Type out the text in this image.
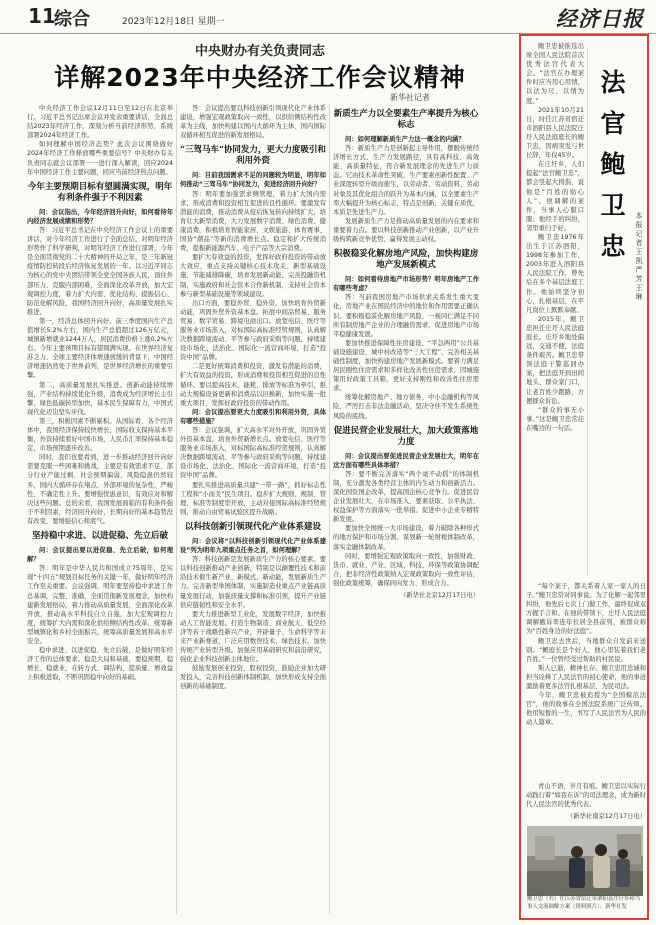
11
综合	2023年12月18日 星期一	经济日报
中央财办有关负责同志
详解2023年中央经济工作会议精神
新华社记者

中央经济工作会议12月11日至12日在北京举行。习近平总书记出席会议并发表重要讲话，全面总结2023年经济工作，深刻分析当前经济形势，系统部署2024年经济工作。

如何理解中国经济态势？此次会议围绕做好2024年经济工作释放哪些重要信号？中央财办有关负责同志就会议部署一一进行深入解读，回应2024年中国经济工作主要问题，回应当前经济热点问题。

今年主要预期目标有望圆满实现，明年有利条件强于不利因素

问：会议指出，今年经济回升向好，如何看待年内经济发展成绩和形势？

答：习近平总书记在中央经济工作会议上的重要讲话，对今年经济工作进行了全面总结，对明年经济形势作了科学研判，对明年经济工作进行部署，今年是全面贯彻党的二十大精神的开局之年，是三年新冠疫情防控转段后经济恢复发展的一年。以习近平同志为核心的党中央团结带领全党全国各族人民，顶住外部压力、克服内部困难，全面深化改革开放，加大宏观调控力度，着力扩大内需、优化结构、提振信心、防范化解风险，我国经济回升向好，高质量发展扎实推进。

第一，经济总体回升向好。前三季度国内生产总值增长5.2%左右，国内生产总值超过126万亿元，城镇新增就业1244万人，居民消费价格上涨0.2%左右。今年主要预期目标有望圆满实现。在世界经济复苏乏力、全球主要经济体增速放缓的背景下，中国经济增速仍然处于世界前列，是世界经济增长的重要引擎。

第二，高质量发展扎实推进。创新动能持续增强，产业结构持续优化升级，消费成为经济增长主引擎，绿色低碳转型加快，基本民生保障有力，中国式现代化迈出坚实步伐。

第三，积极因素不断累积。从国际看，各个经济体中，我国经济保持较快增长，国际收支保持基本平衡，外资持续看好中国市场，人民币汇率保持基本稳定，市场预期逐步改善。

同时，我们也要看到，进一步推动经济回升向好需要克服一些困难和挑战，主要是有效需求不足、部分行业产能过剩、社会预期偏弱、风险隐患仍然较多，国内大循环存在堵点，外部环境的复杂性、严峻性、不确定性上升。要增强忧患意识，有效应对和解决这些问题。总的来看，我国发展面临的有利条件强于不利因素，经济回升向好、长期向好的基本趋势没有改变，要增强信心和底气。

坚持稳中求进、以进促稳、先立后破

问：会议提出要以进促稳、先立后破，如何理解？

答：明年是中华人民共和国成立75周年，是实现“十四五”规划目标任务的关键一年，做好明年经济工作至关重要。会议强调，明年要坚持稳中求进工作总基调，完整、准确、全面贯彻新发展理念，加快构建新发展格局，着力推动高质量发展，全面深化改革开放，推动高水平科技自立自强，加大宏观调控力度，统筹扩大内需和深化供给侧结构性改革，统筹新型城镇化和乡村全面振兴，统筹高质量发展和高水平安全。

稳中求进、以进促稳、先立后破，是做好明年经济工作的总体要求。稳是大局和基础，要稳预期、稳增长、稳就业，在转方式、调结构、提质量、增效益上积极进取，不断巩固稳中向好的基础。

答：会议提出要以科技创新引领现代化产业体系建设，增强宏观政策取向一致性，以供给侧结构性改革为主线，加快构建以国内大循环为主体、国内国际双循环相互促进的新发展格局。

“三驾马车”协同发力，更大力度吸引和利用外资

问：目前我国需求不足的问题较为明显，明年如何推动“三驾马车”协同发力，促进经济回升向好？

答：明年要加强需求侧管理，着力扩大国内需求，形成消费和投资相互促进的良性循环。要激发有潜能的消费，推动消费从疫后恢复转向持续扩大，培育壮大新型消费，大力发展数字消费、绿色消费、健康消费，积极培育智能家居、文娱旅游、体育赛事、国货“潮品”等新的消费增长点。稳定和扩大传统消费，提振新能源汽车、电子产品等大宗消费。

要扩大有效益的投资，发挥好政府投资的带动放大效应，重点支持关键核心技术攻关、新型基础设施、节能减排降碳，培育发展新动能。完善投融资机制，实施政府和社会资本合作新机制，支持社会资本参与新型基础设施等领域建设。

出口方面，要稳外贸、稳外资，加快培育外贸新动能，巩固外贸外资基本盘。拓展中间品贸易、服务贸易、数字贸易、跨境电商出口。放宽电信、医疗等服务业市场准入，对标国际高标准经贸规则，认真解决数据跨境流动、平等参与政府采购等问题，持续建设市场化、法治化、国际化一流营商环境，打造“投资中国”品牌。

二是更好统筹消费和投资，激发有潜能的消费，扩大有效益的投资，形成消费和投资相互促进的良性循环。要以提高技术、能耗、排放等标准为牵引，推动大规模设备更新和消费品以旧换新，加快实施一批重大项目，发挥好政府投资的带动作用。

问：会议提出要更大力度吸引和利用外资，具体有哪些措施？

答：会议强调，扩大高水平对外开放，巩固外贸外资基本盘，培育外贸新增长点。放宽电信、医疗等服务业市场准入，对标国际高标准经贸规则，认真解决数据跨境流动、平等参与政府采购等问题，持续建设市场化、法治化、国际化一流营商环境，打造“投资中国”品牌。

要扎实推进高质量共建“一带一路”，抓好标志性工程和“小而美”民生项目。稳步扩大规则、规制、管理、标准等制度型开放，主动对接国际高标准经贸规则，推动自由贸易试验区提升战略。

以科技创新引领现代化产业体系建设

问：会议将“以科技创新引领现代化产业体系建设”列为明年九项重点任务之首，如何理解？

答：科技创新是发展新质生产力的核心要素。要以科技创新推动产业创新，特别是以颠覆性技术和前沿技术催生新产业、新模式、新动能，发展新质生产力。完善新型举国体制，实施制造业重点产业链高质量发展行动，加强质量支撑和标准引领，提升产业链供应链韧性和安全水平。

要大力推进新型工业化，发展数字经济，加快推动人工智能发展。打造生物制造、商业航天、低空经济等若干战略性新兴产业，开辟量子、生命科学等未来产业新赛道，广泛应用数智技术、绿色技术，加快传统产业转型升级。加强应用基础研究和前沿研究，强化企业科技创新主体地位。

鼓励发展创业投资、股权投资，鼓励企业加大研发投入，完善科技创新体制机制，加快形成支持全面创新的基础制度。

新质生产力以全要素生产率提升为核心标志

问：如何理解新质生产力这一概念的内涵？

答：新质生产力是创新起主导作用，摆脱传统经济增长方式、生产力发展路径，具有高科技、高效能、高质量特征，符合新发展理念的先进生产力质态。它由技术革命性突破、生产要素创新性配置、产业深度转型升级而催生，以劳动者、劳动资料、劳动对象及其优化组合的跃升为基本内涵，以全要素生产率大幅提升为核心标志，特点是创新，关键在质优，本质是先进生产力。

发展新质生产力是推动高质量发展的内在要求和重要着力点。要以科技创新推动产业创新，以产业升级构筑新竞争优势、赢得发展主动权。

积极稳妥化解房地产风险，加快构建房地产发展新模式

问：如何看待房地产市场形势？明年房地产工作有哪些考虑？

答：当前我国房地产市场供求关系发生重大变化，房地产业在国民经济中的地位和作用需要正确认识。要积极稳妥化解房地产风险，一视同仁满足不同所有制房地产企业的合理融资需求，促进房地产市场平稳健康发展。

要加快推进保障性住房建设、“平急两用”公共基础设施建设、城中村改造等“三大工程”，完善相关基础性制度，加快构建房地产发展新模式。要着力满足居民刚性住房需求和多样化改善性住房需求，因城施策用好政策工具箱，更好支持刚性和改善性住房需求。

统筹化解房地产、地方债务、中小金融机构等风险，严厉打击非法金融活动，坚决守住不发生系统性风险的底线。

促进民营企业发展壮大，加大政策落地力度

问：会议提出要促进民营企业发展壮大，明年在这方面有哪些具体举措？

答：要不断完善落实“两个毫不动摇”的体制机制，充分激发各类经营主体的内生动力和创新活力。深化国资国企改革，提高国企核心竞争力。促进民营企业发展壮大，在市场准入、要素获取、公平执法、权益保护等方面落实一批举措。促进中小企业专精特新发展。

要加快全国统一大市场建设，着力破除各种形式的地方保护和市场分割。谋划新一轮财税体制改革，落实金融体制改革。

同时，要增强宏观政策取向一致性，加强财政、货币、就业、产业、区域、科技、环保等政策协调配合，把非经济性政策纳入宏观政策取向一致性评估，强化政策统筹，确保同向发力、形成合力。

（新华社北京12月17日电）

鲍卫忠被推选出席全国人民法院首次优秀法官代表大会。“法官在办理案件时应当用心用情，以法为尺，以情为度。”

2021年10月21日，时任江苏省宿迁市泗阳县人民法院庄圩人民法庭庭长的鲍卫忠，因病突发与世长辞，年仅45岁。

在庄圩乡，人们提起“法官鲍卫忠”，都会竖起大拇指，说他是“百姓的贴心人”。他调解的案件，当事人心服口服；他经手的纠纷，邻里重归于好。

鲍卫忠1976年出生于江苏泗阳，1998年参加工作，2003年进入泗阳县人民法院工作，曾先后在多个基层法庭工作。他始终坚守初心，扎根基层，在平凡岗位上默默奉献。

2015年，鲍卫忠担任庄圩人民法庭庭长。庄圩乡地处偏远，交通不便，法庭条件艰苦。鲍卫忠带领法庭干警巡回办案，把法庭开到田间地头、群众家门口，让老百姓少跑路，方便群众诉讼。

“群众的事无小事。”这是鲍卫忠常挂在嘴边的一句话。

法
官
鲍
卫
忠
本
报
记
者
王
凯
严
芳
王
琳

“每个案子，都关系着人家一家人的日子。”鲍卫忠常对同事说。为了化解一起邻里纠纷，他先后七次上门做工作，最终促成双方握手言和。在他的带领下，庄圩人民法庭调解撤诉率连年位居全县前列，被群众称为“百姓身边的好法庭”。

鲍卫忠去世后，当地群众自发前来送别。“鲍庭长是个好人，他心里装着我们老百姓。”一位曾经受过帮助的村民说。

斯人已逝，精神长存。鲍卫忠用忠诚和担当诠释了人民法官的初心使命，他的事迹激励着更多法官扎根基层、为民司法。

今年，鲍卫忠被追授为“全国模范法官”，他的故事在全国法院系统广泛传颂。他用短暂的一生，书写了人民法官为人民的动人篇章。

青山不语，岁月有痕。鲍卫忠以实际行动践行着“如我在诉”的司法理念，成为新时代人民法官的优秀代表。

（新华社南京12月17日电）

鲍卫忠（右）在江苏省宿迁市泗阳县庄圩乡和当事人交流调解方案（资料照片）。新华社发
